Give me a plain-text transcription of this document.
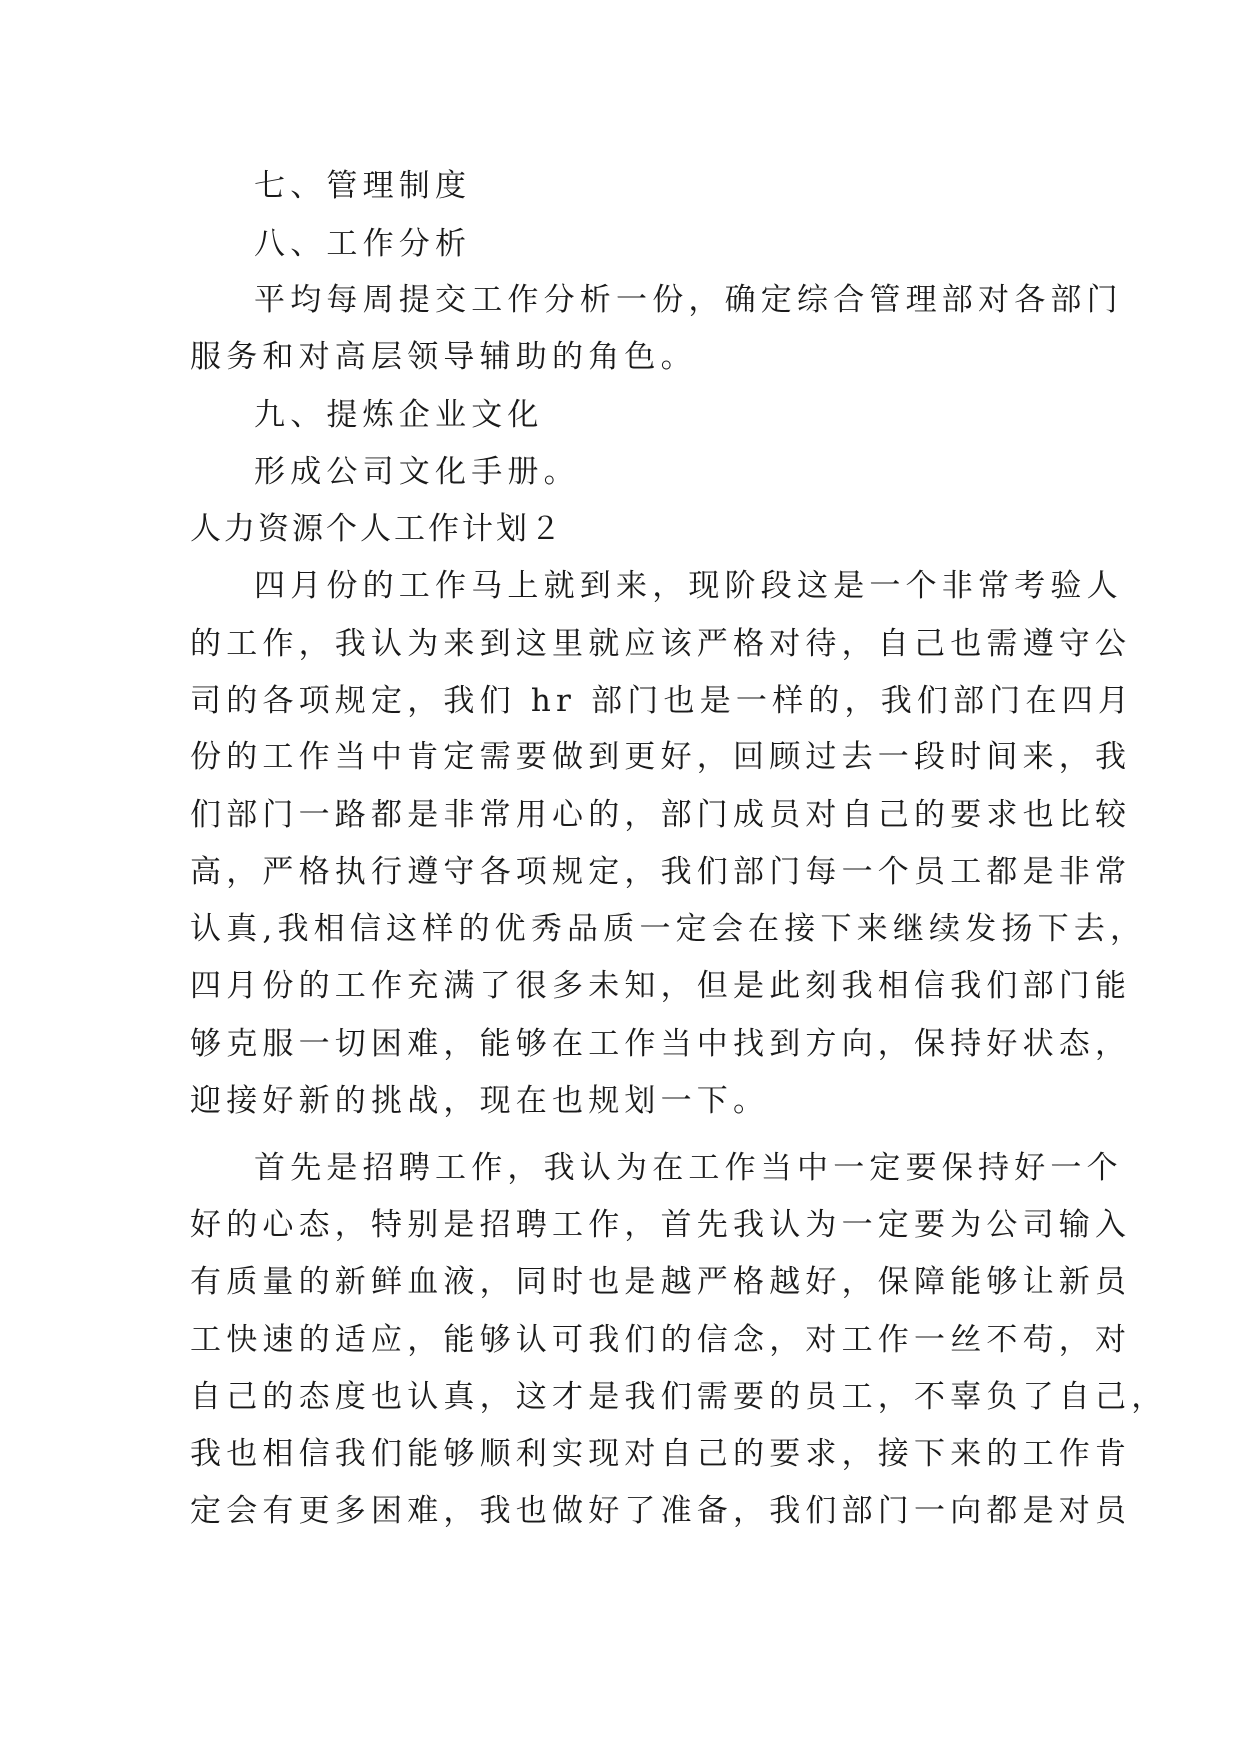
七、管理制度
八、工作分析
平均每周提交工作分析一份，确定综合管理部对各部门
服务和对高层领导辅助的角色。
九、提炼企业文化
形成公司文化手册。
人力资源个人工作计划２
四月份的工作马上就到来，现阶段这是一个非常考验人
的工作，我认为来到这里就应该严格对待，自己也需遵守公
司的各项规定，我们 hr 部门也是一样的，我们部门在四月
份的工作当中肯定需要做到更好，回顾过去一段时间来，我
们部门一路都是非常用心的，部门成员对自己的要求也比较
高，严格执行遵守各项规定，我们部门每一个员工都是非常
认真,我相信这样的优秀品质一定会在接下来继续发扬下去，
四月份的工作充满了很多未知，但是此刻我相信我们部门能
够克服一切困难，能够在工作当中找到方向，保持好状态，
迎接好新的挑战，现在也规划一下。
首先是招聘工作，我认为在工作当中一定要保持好一个
好的心态，特别是招聘工作，首先我认为一定要为公司输入
有质量的新鲜血液，同时也是越严格越好，保障能够让新员
工快速的适应，能够认可我们的信念，对工作一丝不苟，对
自己的态度也认真，这才是我们需要的员工，不辜负了自己，
我也相信我们能够顺利实现对自己的要求，接下来的工作肯
定会有更多困难，我也做好了准备，我们部门一向都是对员
